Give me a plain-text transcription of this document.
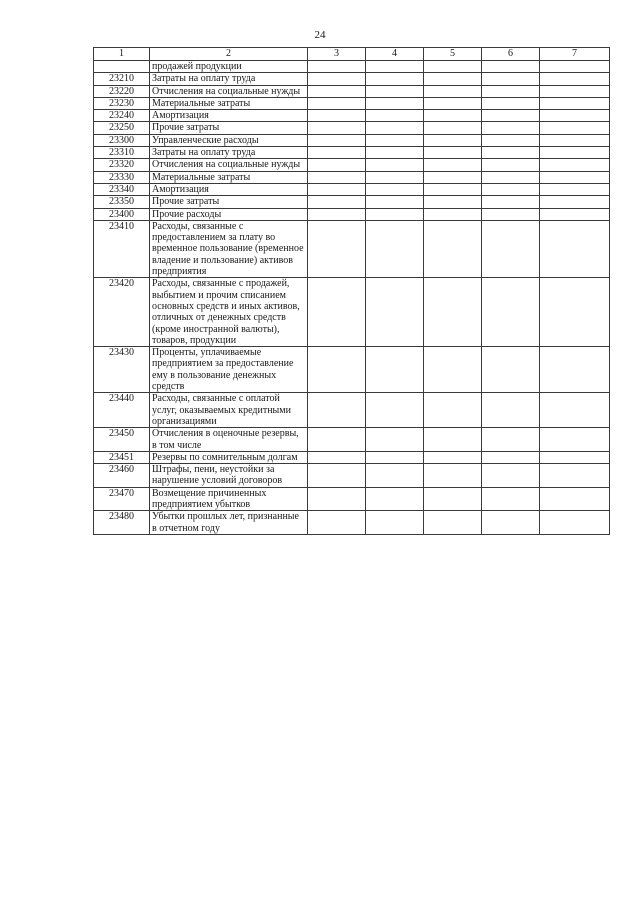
24
1	2	3	4	5	6	7
	продажей продукции					
23210	Затраты на оплату труда					
23220	Отчисления на социальные нужды					
23230	Материальные затраты					
23240	Амортизация					
23250	Прочие затраты					
23300	Управленческие расходы					
23310	Затраты на оплату труда					
23320	Отчисления на социальные нужды					
23330	Материальные затраты					
23340	Амортизация					
23350	Прочие затраты					
23400	Прочие расходы					
23410	Расходы, связанные с предоставлением за плату во временное пользование (временное владение и пользование) активов предприятия					
23420	Расходы, связанные с продажей, выбытием и прочим списанием основных средств и иных активов, отличных от денежных средств (кроме иностранной валюты), товаров, продукции					
23430	Проценты, уплачиваемые предприятием за предоставление ему в пользование денежных средств					
23440	Расходы, связанные с оплатой услуг, оказываемых кредитными организациями					
23450	Отчисления в оценочные резервы, в том числе					
23451	Резервы по сомнительным долгам					
23460	Штрафы, пени, неустойки за нарушение условий договоров					
23470	Возмещение причиненных предприятием убытков					
23480	Убытки прошлых лет, признанные в отчетном году					
